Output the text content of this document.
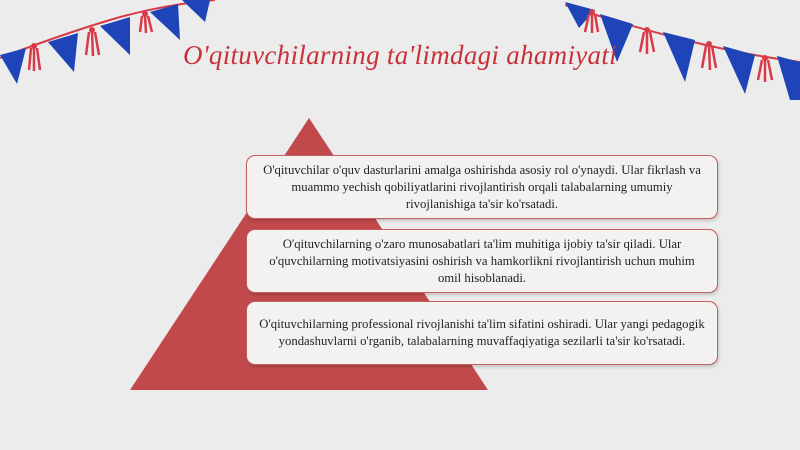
O'qituvchilarning ta'limdagi ahamiyati
O'qituvchilar o'quv dasturlarini amalga oshirishda asosiy rol o'ynaydi. Ular fikrlash va muammo yechish qobiliyatlarini rivojlantirish orqali talabalarning umumiy rivojlanishiga ta'sir ko'rsatadi.
O'qituvchilarning o'zaro munosabatlari ta'lim muhitiga ijobiy ta'sir qiladi. Ular o'quvchilarning motivatsiyasini oshirish va hamkorlikni rivojlantirish uchun muhim omil hisoblanadi.
O'qituvchilarning professional rivojlanishi ta'lim sifatini oshiradi. Ular yangi pedagogik yondashuvlarni o'rganib, talabalarning muvaffaqiyatiga sezilarli ta'sir ko'rsatadi.
